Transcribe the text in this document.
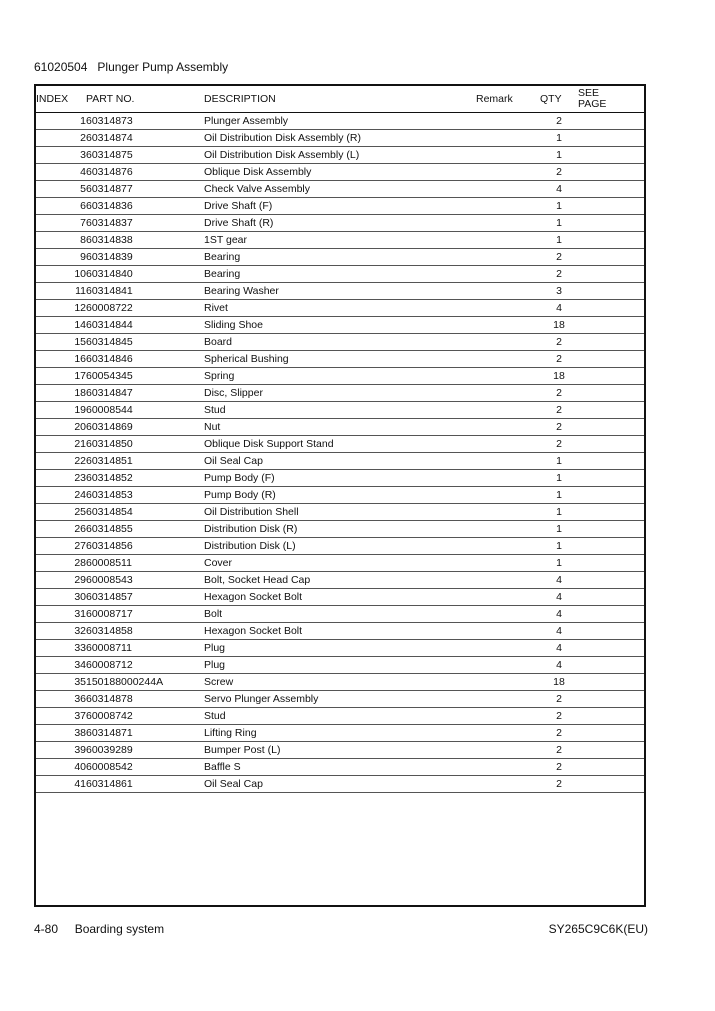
61020504 Plunger Pump Assembly
INDEX	PART NO.	DESCRIPTION	Remark	QTY	SEE
PAGE
1	60314873	Plunger Assembly		2	
2	60314874	Oil Distribution Disk Assembly (R)		1	
3	60314875	Oil Distribution Disk Assembly (L)		1	
4	60314876	Oblique Disk Assembly		2	
5	60314877	Check Valve Assembly		4	
6	60314836	Drive Shaft (F)		1	
7	60314837	Drive Shaft (R)		1	
8	60314838	1ST gear		1	
9	60314839	Bearing		2	
10	60314840	Bearing		2	
11	60314841	Bearing Washer		3	
12	60008722	Rivet		4	
14	60314844	Sliding Shoe		18	
15	60314845	Board		2	
16	60314846	Spherical Bushing		2	
17	60054345	Spring		18	
18	60314847	Disc, Slipper		2	
19	60008544	Stud		2	
20	60314869	Nut		2	
21	60314850	Oblique Disk Support Stand		2	
22	60314851	Oil Seal Cap		1	
23	60314852	Pump Body (F)		1	
24	60314853	Pump Body (R)		1	
25	60314854	Oil Distribution Shell		1	
26	60314855	Distribution Disk (R)		1	
27	60314856	Distribution Disk (L)		1	
28	60008511	Cover		1	
29	60008543	Bolt, Socket Head Cap		4	
30	60314857	Hexagon Socket Bolt		4	
31	60008717	Bolt		4	
32	60314858	Hexagon Socket Bolt		4	
33	60008711	Plug		4	
34	60008712	Plug		4	
35	150188000244A	Screw		18	
36	60314878	Servo Plunger Assembly		2	
37	60008742	Stud		2	
38	60314871	Lifting Ring		2	
39	60039289	Bumper Post (L)		2	
40	60008542	Baffle S		2	
41	60314861	Oil Seal Cap		2	
4-80 Boarding system	SY265C9C6K(EU)
